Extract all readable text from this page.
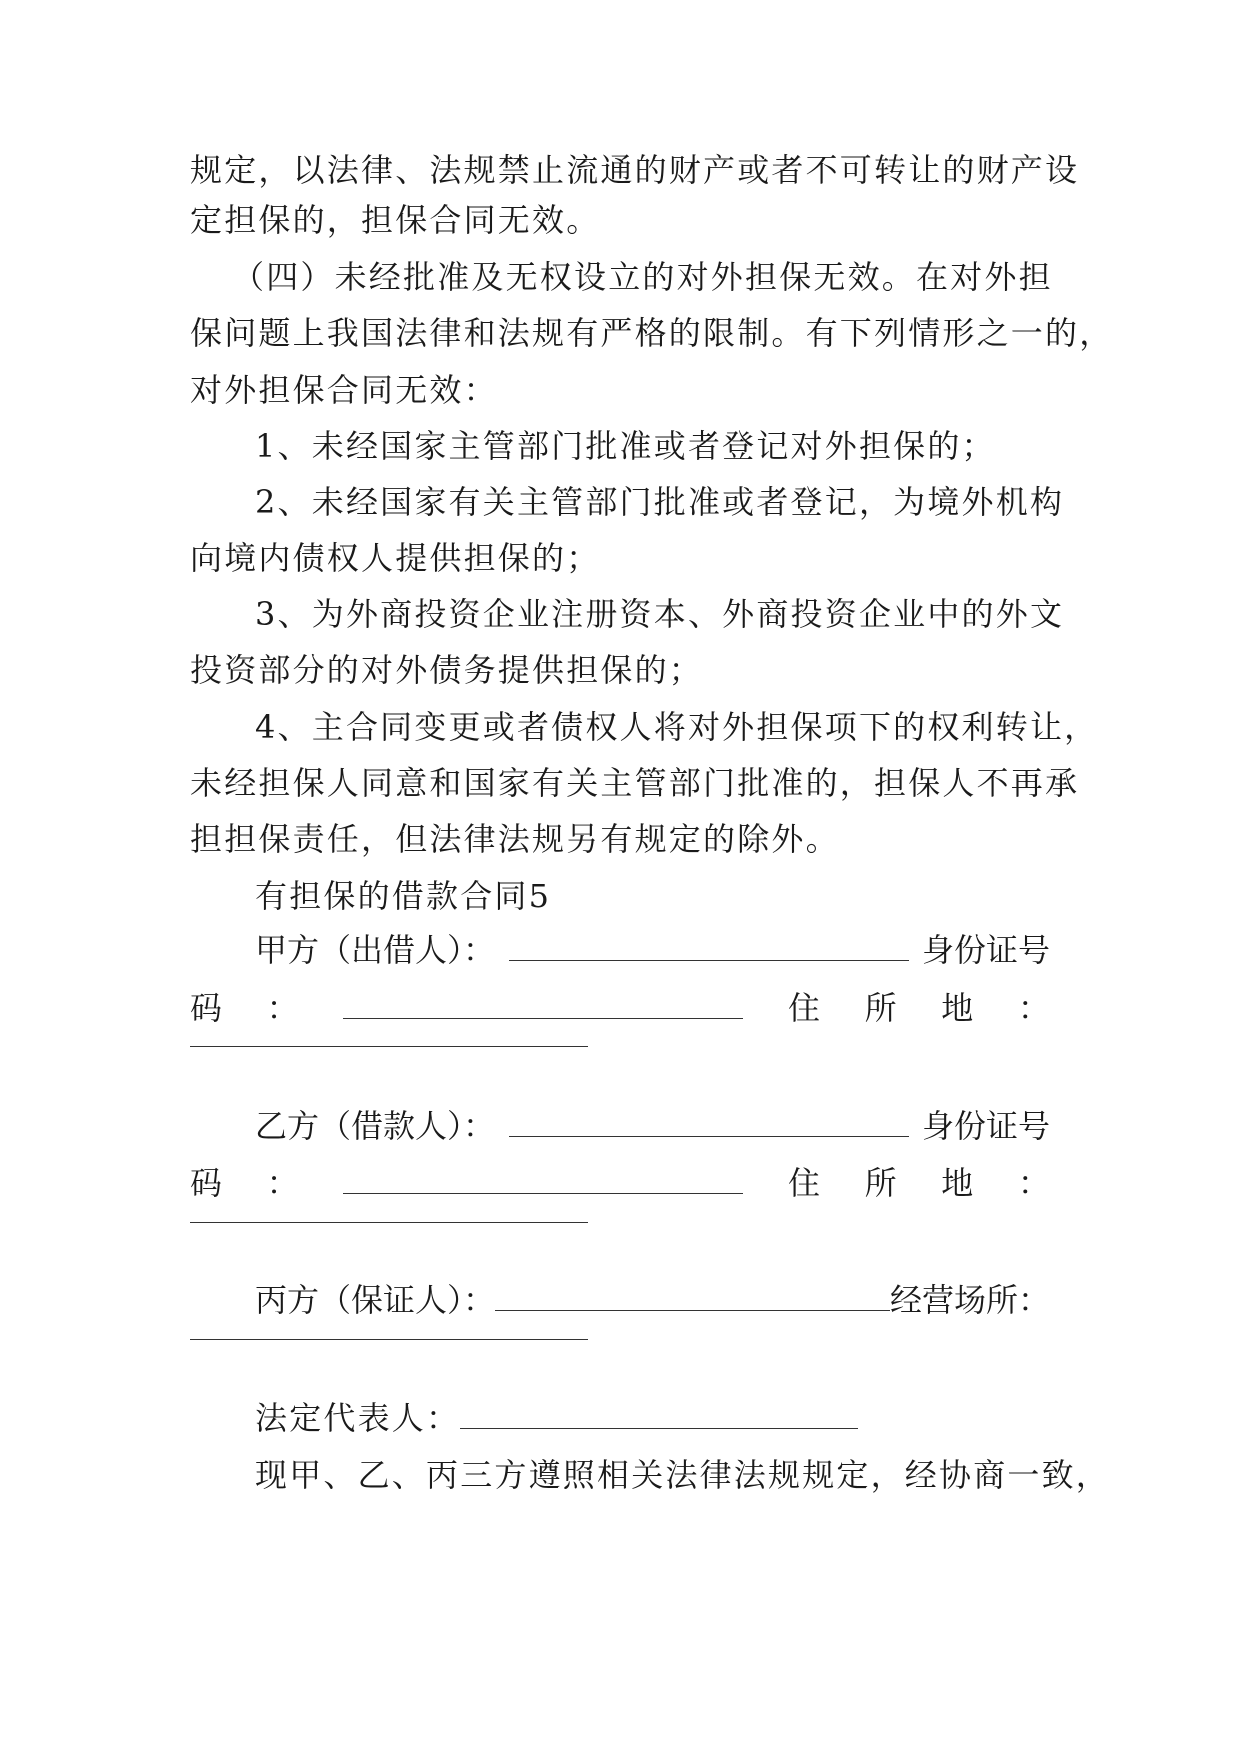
规定，以法律、法规禁止流通的财产或者不可转让的财产设
定担保的，担保合同无效。
（四）未经批准及无权设立的对外担保无效。在对外担
保问题上我国法律和法规有严格的限制。有下列情形之一的，
对外担保合同无效：
1、未经国家主管部门批准或者登记对外担保的；
2、未经国家有关主管部门批准或者登记，为境外机构
向境内债权人提供担保的；
3、为外商投资企业注册资本、外商投资企业中的外文
投资部分的对外债务提供担保的；
4、主合同变更或者债权人将对外担保项下的权利转让，
未经担保人同意和国家有关主管部门批准的，担保人不再承
担担保责任，但法律法规另有规定的除外。
有担保的借款合同5
甲方（出借人）：	身份证号
码 ：	住 所 地 ：
乙方（借款人）：	身份证号
码 ：	住 所 地 ：
丙方（保证人）：	经营场所：
法定代表人：
现甲、乙、丙三方遵照相关法律法规规定，经协商一致，
